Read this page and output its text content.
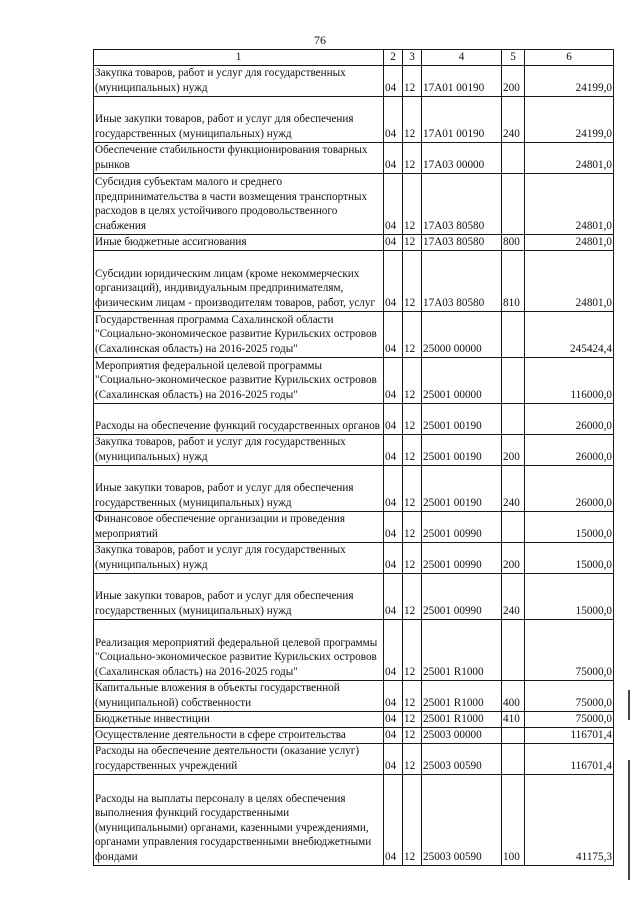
76
1	2	3	4	5	6
Закупка товаров, работ и услуг для государственных (муниципальных) нужд	04	12	17А01 00190	200	24199,0
Иные закупки товаров, работ и услуг для обеспечения государственных (муниципальных) нужд	04	12	17А01 00190	240	24199,0
Обеспечение стабильности функционирования товарных рынков	04	12	17А03 00000		24801,0
Субсидия субъектам малого и среднего предпринимательства в части возмещения транспортных расходов в целях устойчивого продовольственного снабжения	04	12	17А03 80580		24801,0
Иные бюджетные ассигнования	04	12	17А03 80580	800	24801,0
Субсидии юридическим лицам (кроме некоммерческих организаций), индивидуальным предпринимателям, физическим лицам - производителям товаров, работ, услуг	04	12	17А03 80580	810	24801,0
Государственная программа Сахалинской области "Социально-экономическое развитие Курильских островов (Сахалинская область) на 2016-2025 годы"	04	12	25000 00000		245424,4
Мероприятия федеральной целевой программы "Социально-экономическое развитие Курильских островов (Сахалинская область) на 2016-2025 годы"	04	12	25001 00000		116000,0
Расходы на обеспечение функций государственных органов	04	12	25001 00190		26000,0
Закупка товаров, работ и услуг для государственных (муниципальных) нужд	04	12	25001 00190	200	26000,0
Иные закупки товаров, работ и услуг для обеспечения государственных (муниципальных) нужд	04	12	25001 00190	240	26000,0
Финансовое обеспечение организации и проведения мероприятий	04	12	25001 00990		15000,0
Закупка товаров, работ и услуг для государственных (муниципальных) нужд	04	12	25001 00990	200	15000,0
Иные закупки товаров, работ и услуг для обеспечения государственных (муниципальных) нужд	04	12	25001 00990	240	15000,0
Реализация мероприятий федеральной целевой программы "Социально-экономическое развитие Курильских островов (Сахалинская область) на 2016-2025 годы"	04	12	25001 R1000		75000,0
Капитальные вложения в объекты государственной (муниципальной) собственности	04	12	25001 R1000	400	75000,0
Бюджетные инвестиции	04	12	25001 R1000	410	75000,0
Осуществление деятельности в сфере строительства	04	12	25003 00000		116701,4
Расходы на обеспечение деятельности (оказание услуг) государственных учреждений	04	12	25003 00590		116701,4
Расходы на выплаты персоналу в целях обеспечения выполнения функций государственными (муниципальными) органами, казенными учреждениями, органами управления государственными внебюджетными фондами	04	12	25003 00590	100	41175,3
